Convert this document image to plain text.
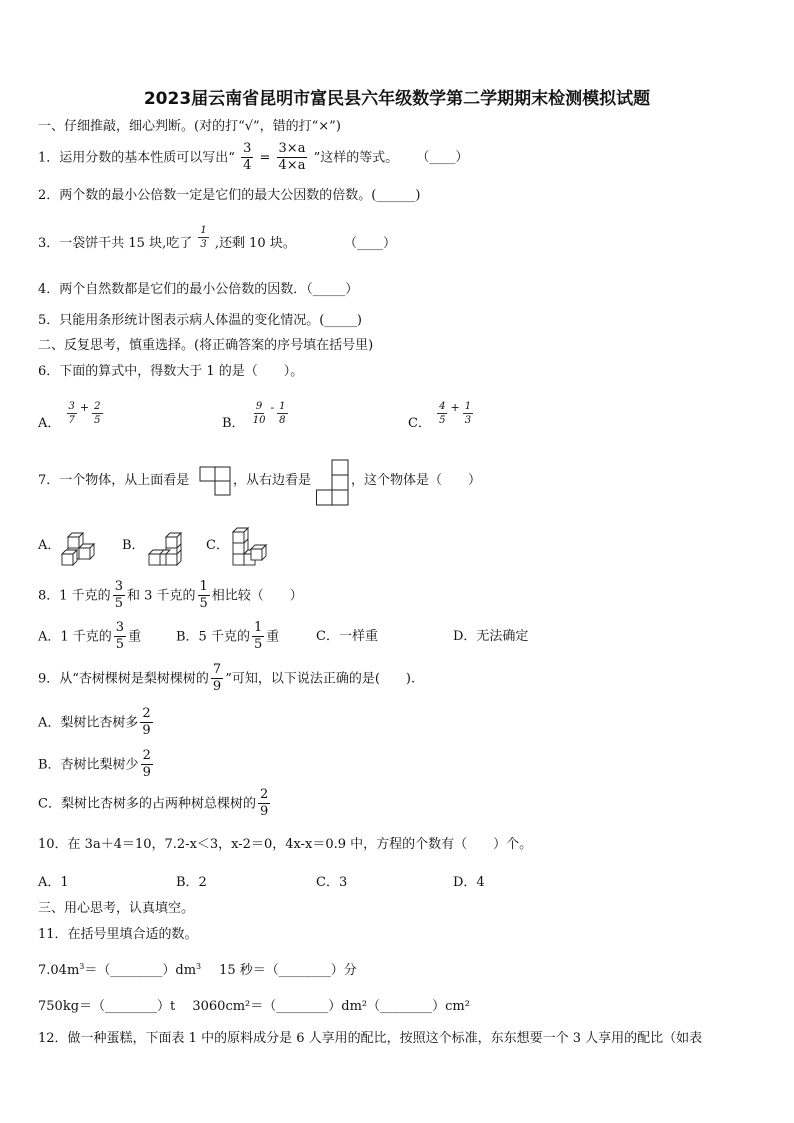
2023届云南省昆明市富民县六年级数学第二学期期末检测模拟试题
一、仔细推敲，细心判断。(对的打“√”，错的打“×”)
1．运用分数的基本性质可以写出“ $\frac{3}{4} = \frac{3\times a}{4\times a}$ ”这样的等式。 （____）
2．两个数的最小公倍数一定是它们的最大公因数的倍数。(______)
3．一袋饼干共 15 块,吃了 $\frac{1}{3}$ ,还剩 10 块。	（____）
4．两个自然数都是它们的最小公倍数的因数．（_____）
5．只能用条形统计图表示病人体温的变化情况。(_____)
二、反复思考，慎重选择。(将正确答案的序号填在括号里)
6．下面的算式中，得数大于 1 的是（　　）。
A． $\frac{3}{7} + \frac{2}{5}$	B． $\frac{9}{10} - \frac{1}{8}$	C． $\frac{4}{5} + \frac{1}{3}$
7．一个物体，从上面看是	，从右边看是	，这个物体是（　　）
A．	B．	C．
8．1 千克的 $\frac{3}{5}$ 和 3 千克的 $\frac{1}{5}$ 相比较（　　）
A．1 千克的 $\frac{3}{5}$ 重	B．5 千克的 $\frac{1}{5}$ 重	C．一样重	D．无法确定
9．从“杏树棵树是梨树棵树的 $\frac{7}{9}$ ”可知，以下说法正确的是(　　).
A．梨树比杏树多 $\frac{2}{9}$
B．杏树比梨树少 $\frac{2}{9}$
C．梨树比杏树多的占两种树总棵树的 $\frac{2}{9}$
10．在 3a＋4＝10，7.2-x＜3，x-2＝0，4x-x＝0.9 中，方程的个数有（　　）个。
A．1	B．2	C．3	D．4
三、用心思考，认真填空。
11．在括号里填合适的数。
$7.04m^3=(\_\_\_\_\_\_\_\_)dm^3$ 15 秒＝（________）分
750kg＝（________）t　 3060cm²＝（________）dm²（________）cm²
12．做一种蛋糕，下面表 1 中的原料成分是 6 人享用的配比，按照这个标准，东东想要一个 3 人享用的配比（如表
